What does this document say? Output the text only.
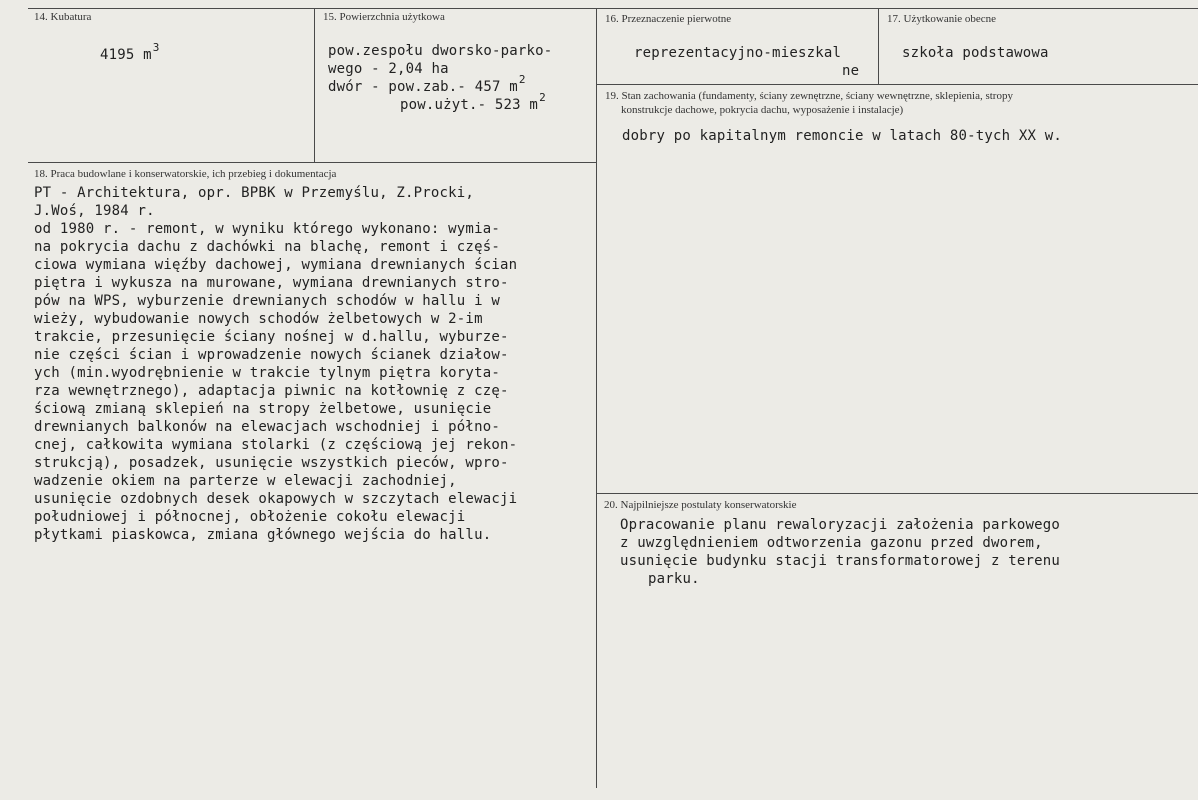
14. Kubatura
4195 $m^3$
15. Powierzchnia użytkowa
pow.zespołu dworsko-parko-
wego - 2,04 ha
dwór - pow.zab.- 457 $m^2$
pow.użyt.- 523 $m^2$
16. Przeznaczenie pierwotne
reprezentacyjno-mieszkal
ne
17. Użytkowanie obecne
szkoła podstawowa
19. Stan zachowania (fundamenty, ściany zewnętrzne, ściany wewnętrzne, sklepienia, stropy
konstrukcje dachowe, pokrycia dachu, wyposażenie i instalacje)
dobry po kapitalnym remoncie w latach 80-tych XX w.
18. Praca budowlane i konserwatorskie, ich przebieg i dokumentacja
PT - Architektura, opr. BPBK w Przemyślu, Z.Procki,
J.Woś, 1984 r.
od 1980 r. - remont, w wyniku którego wykonano: wymia-
na pokrycia dachu z dachówki na blachę, remont i częś-
ciowa wymiana więźby dachowej, wymiana drewnianych ścian
piętra i wykusza na murowane, wymiana drewnianych stro-
pów na WPS, wyburzenie drewnianych schodów w hallu i w
wieży, wybudowanie nowych schodów żelbetowych w 2-im
trakcie, przesunięcie ściany nośnej w d.hallu, wyburze-
nie części ścian i wprowadzenie nowych ścianek działow-
ych (min.wyodrębnienie w trakcie tylnym piętra koryta-
rza wewnętrznego), adaptacja piwnic na kotłownię z czę-
ściową zmianą sklepień na stropy żelbetowe, usunięcie
drewnianych balkonów na elewacjach wschodniej i półno-
cnej, całkowita wymiana stolarki (z częściową jej rekon-
strukcją), posadzek, usunięcie wszystkich pieców, wpro-
wadzenie okiem na parterze w elewacji zachodniej,
usunięcie ozdobnych desek okapowych w szczytach elewacji
południowej i północnej, obłożenie cokołu elewacji
płytkami piaskowca, zmiana głównego wejścia do hallu.
20. Najpilniejsze postulaty konserwatorskie
Opracowanie planu rewaloryzacji założenia parkowego
z uwzględnieniem odtworzenia gazonu przed dworem,
usunięcie budynku stacji transformatorowej z terenu
parku.
